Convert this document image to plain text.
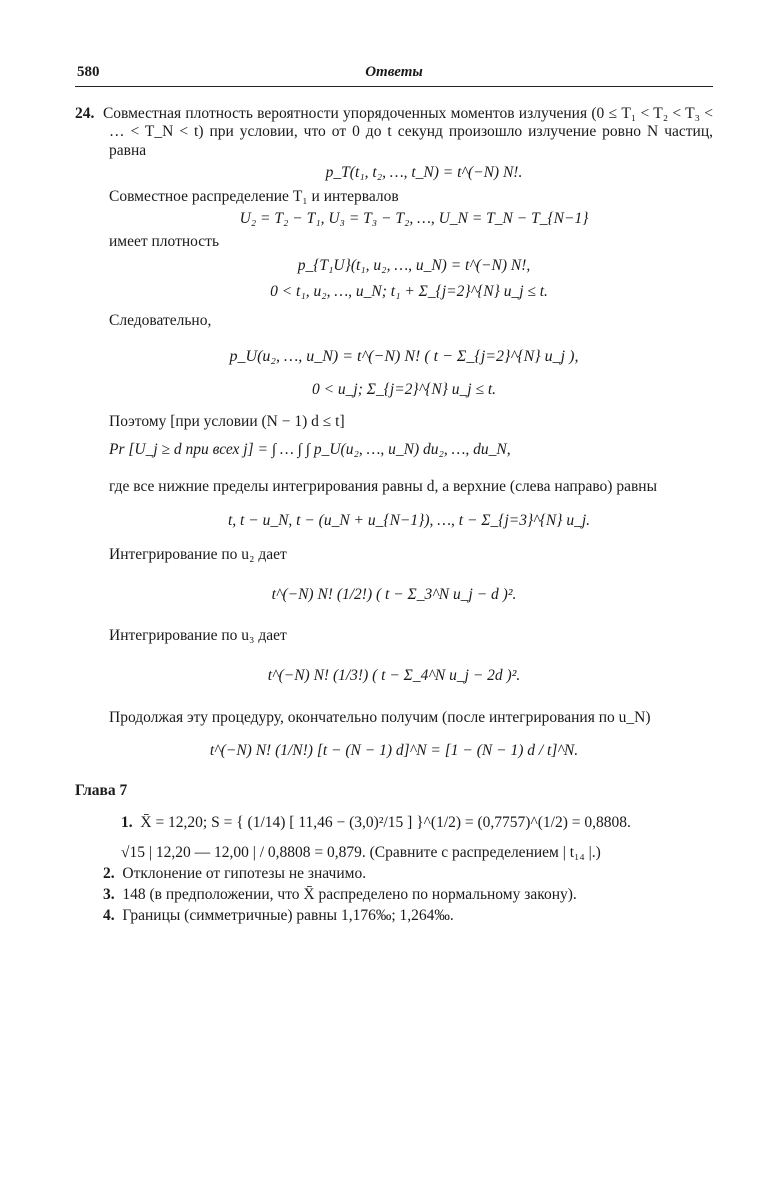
580	Ответы

24. Совместная плотность вероятности упорядоченных моментов излучения (0 ≤ T₁ < T₂ < T₃ < … < T_N < t) при условии, что от 0 до t секунд произошло излучение ровно N частиц, равна

p_T(t₁, t₂, …, t_N) = t^(−N) N!.

Совместное распределение T₁ и интервалов

U₂ = T₂ − T₁, U₃ = T₃ − T₂, …, U_N = T_N − T_{N−1}

имеет плотность

p_{T₁U}(t₁, u₂, …, u_N) = t^(−N) N!,
0 < t₁, u₂, …, u_N; t₁ + Σ_{j=2}^{N} u_j ≤ t.

Следовательно,

p_U(u₂, …, u_N) = t^(−N) N! ( t − Σ_{j=2}^{N} u_j ),
0 < u_j; Σ_{j=2}^{N} u_j ≤ t.

Поэтому [при условии (N − 1) d ≤ t]

Pr [U_j ≥ d при всех j] = ∫ … ∫ ∫ p_U(u₂, …, u_N) du₂, …, du_N,

где все нижние пределы интегрирования равны d, а верхние (слева направо) равны

t, t − u_N, t − (u_N + u_{N−1}), …, t − Σ_{j=3}^{N} u_j.

Интегрирование по u₂ дает

t^(−N) N! (1/2!) ( t − Σ_3^N u_j − d )².

Интегрирование по u₃ дает

t^(−N) N! (1/3!) ( t − Σ_4^N u_j − 2d )².

Продолжая эту процедуру, окончательно получим (после интегрирования по u_N)

t^(−N) N! (1/N!) [t − (N − 1) d]^N = [1 − (N − 1) d / t]^N.
Глава 7
1. X̄ = 12,20; S = { (1/14) [ 11,46 − (3,0)²/15 ] }^(1/2) = (0,7757)^(1/2) = 0,8808.
√15 | 12,20 — 12,00 | / 0,8808 = 0,879. (Сравните с распределением | t₁₄ |.)
2. Отклонение от гипотезы не значимо.
3. 148 (в предположении, что X̄ распределено по нормальному закону).
4. Границы (симметричные) равны 1,176‰; 1,264‰.
